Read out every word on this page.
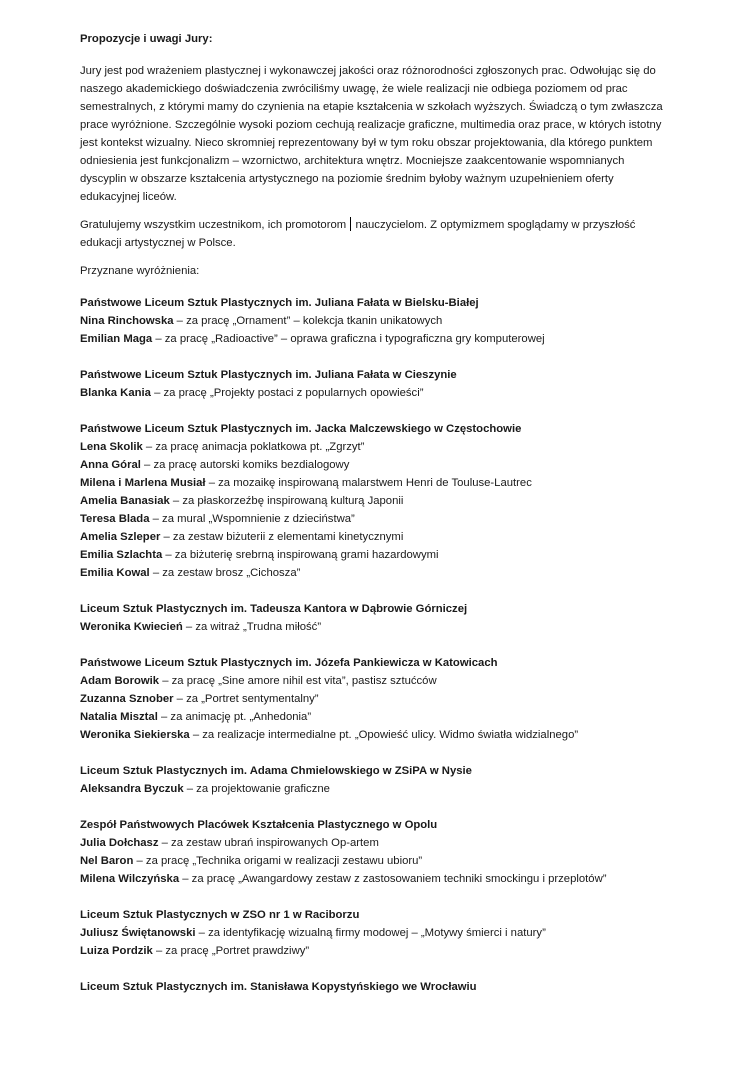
Propozycje i uwagi Jury:

Jury jest pod wrażeniem plastycznej i wykonawczej jakości oraz różnorodności zgłoszonych prac. Odwołując się do naszego akademickiego doświadczenia zwróciliśmy uwagę, że wiele realizacji nie odbiega poziomem od prac semestralnych, z którymi mamy do czynienia na etapie kształcenia w szkołach wyższych. Świadczą o tym zwłaszcza prace wyróżnione. Szczególnie wysoki poziom cechują realizacje graficzne, multimedia oraz prace, w których istotny jest kontekst wizualny. Nieco skromniej reprezentowany był w tym roku obszar projektowania, dla którego punktem odniesienia jest funkcjonalizm – wzornictwo, architektura wnętrz. Mocniejsze zaakcentowanie wspomnianych dyscyplin w obszarze kształcenia artystycznego na poziomie średnim byłoby ważnym uzupełnieniem oferty edukacyjnej liceów.

Gratulujemy wszystkim uczestnikom, ich promotorom  nauczycielom. Z optymizmem spoglądamy w przyszłość edukacji artystycznej w Polsce.

Przyznane wyróżnienia:

Państwowe Liceum Sztuk Plastycznych im. Juliana Fałata w Bielsku-Białej
Nina Rinchowska – za pracę „Ornament” – kolekcja tkanin unikatowych
Emilian Maga – za pracę „Radioactive” – oprawa graficzna i typograficzna gry komputerowej
Państwowe Liceum Sztuk Plastycznych im. Juliana Fałata w Cieszynie
Blanka Kania – za pracę „Projekty postaci z popularnych opowieści”
Państwowe Liceum Sztuk Plastycznych im. Jacka Malczewskiego w Częstochowie
Lena Skolik – za pracę animacja poklatkowa pt. „Zgrzyt”
Anna Góral – za pracę autorski komiks bezdialogowy
Milena i Marlena Musiał – za mozaikę inspirowaną malarstwem Henri de Touluse-Lautrec
Amelia Banasiak – za płaskorzeźbę inspirowaną kulturą Japonii
Teresa Blada – za mural „Wspomnienie z dzieciństwa”
Amelia Szleper – za zestaw biżuterii z elementami kinetycznymi
Emilia Szlachta – za biżuterię srebrną inspirowaną grami hazardowymi
Emilia Kowal – za zestaw brosz „Cichosza”
Liceum Sztuk Plastycznych im. Tadeusza Kantora w Dąbrowie Górniczej
Weronika Kwiecień – za witraż „Trudna miłość”
Państwowe Liceum Sztuk Plastycznych im. Józefa Pankiewicza w Katowicach
Adam Borowik – za pracę „Sine amore nihil est vita”, pastisz sztućców
Zuzanna Sznober – za „Portret sentymentalny”
Natalia Misztal – za animację pt. „Anhedonia”
Weronika Siekierska – za realizacje intermedialne pt. „Opowieść ulicy. Widmo światła widzialnego”
Liceum Sztuk Plastycznych im. Adama Chmielowskiego w ZSiPA w Nysie
Aleksandra Byczuk – za projektowanie graficzne
Zespół Państwowych Placówek Kształcenia Plastycznego w Opolu
Julia Dołchasz – za zestaw ubrań inspirowanych Op-artem
Nel Baron – za pracę „Technika origami w realizacji zestawu ubioru”
Milena Wilczyńska – za pracę „Awangardowy zestaw z zastosowaniem techniki smockingu i przeplotów”
Liceum Sztuk Plastycznych w ZSO nr 1 w Raciborzu
Juliusz Świętanowski – za identyfikację wizualną firmy modowej – „Motywy śmierci i natury”
Luiza Pordzik – za pracę „Portret prawdziwy”
Liceum Sztuk Plastycznych im. Stanisława Kopystyńskiego we Wrocławiu
